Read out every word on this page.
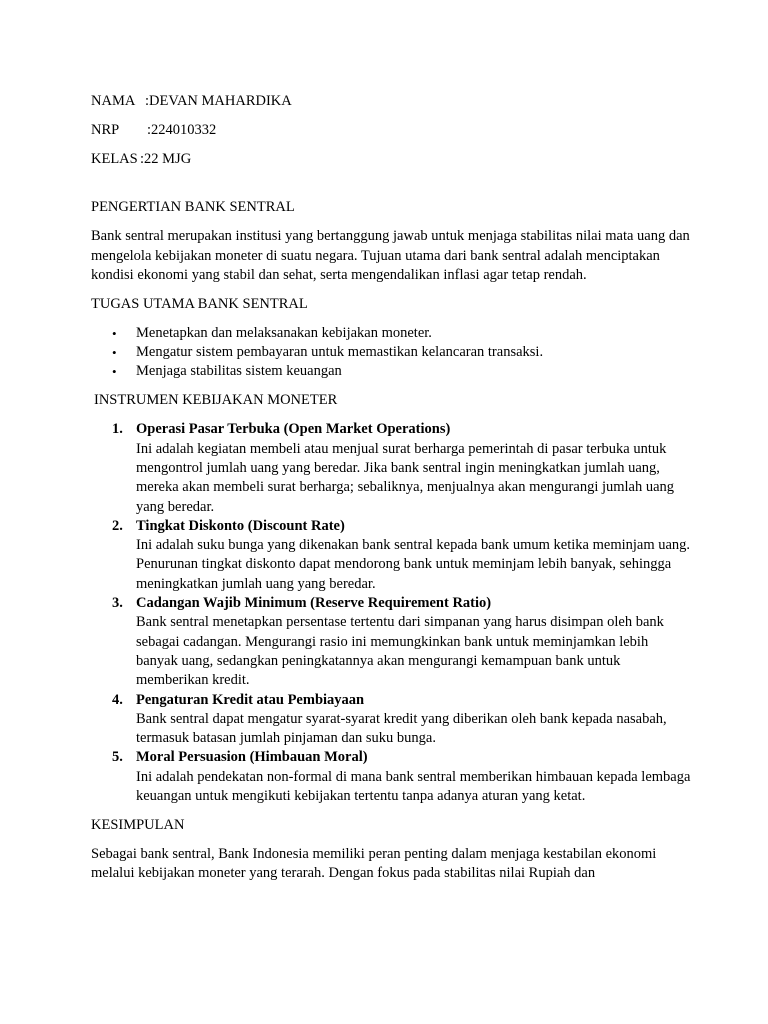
NAMA :DEVAN MAHARDIKA

NRP :224010332

KELAS :22 MJG

PENGERTIAN BANK SENTRAL

Bank sentral merupakan institusi yang bertanggung jawab untuk menjaga stabilitas nilai mata uang dan mengelola kebijakan moneter di suatu negara. Tujuan utama dari bank sentral adalah menciptakan kondisi ekonomi yang stabil dan sehat, serta mengendalikan inflasi agar tetap rendah.

TUGAS UTAMA BANK SENTRAL

• Menetapkan dan melaksanakan kebijakan moneter.
• Mengatur sistem pembayaran untuk memastikan kelancaran transaksi.
• Menjaga stabilitas sistem keuangan

INSTRUMEN KEBIJAKAN MONETER

1. Operasi Pasar Terbuka (Open Market Operations)
Ini adalah kegiatan membeli atau menjual surat berharga pemerintah di pasar terbuka untuk mengontrol jumlah uang yang beredar. Jika bank sentral ingin meningkatkan jumlah uang, mereka akan membeli surat berharga; sebaliknya, menjualnya akan mengurangi jumlah uang yang beredar.
2. Tingkat Diskonto (Discount Rate)
Ini adalah suku bunga yang dikenakan bank sentral kepada bank umum ketika meminjam uang. Penurunan tingkat diskonto dapat mendorong bank untuk meminjam lebih banyak, sehingga meningkatkan jumlah uang yang beredar.
3. Cadangan Wajib Minimum (Reserve Requirement Ratio)
Bank sentral menetapkan persentase tertentu dari simpanan yang harus disimpan oleh bank sebagai cadangan. Mengurangi rasio ini memungkinkan bank untuk meminjamkan lebih banyak uang, sedangkan peningkatannya akan mengurangi kemampuan bank untuk memberikan kredit.
4. Pengaturan Kredit atau Pembiayaan
Bank sentral dapat mengatur syarat-syarat kredit yang diberikan oleh bank kepada nasabah, termasuk batasan jumlah pinjaman dan suku bunga.
5. Moral Persuasion (Himbauan Moral)
Ini adalah pendekatan non-formal di mana bank sentral memberikan himbauan kepada lembaga keuangan untuk mengikuti kebijakan tertentu tanpa adanya aturan yang ketat.

KESIMPULAN

Sebagai bank sentral, Bank Indonesia memiliki peran penting dalam menjaga kestabilan ekonomi melalui kebijakan moneter yang terarah. Dengan fokus pada stabilitas nilai Rupiah dan
